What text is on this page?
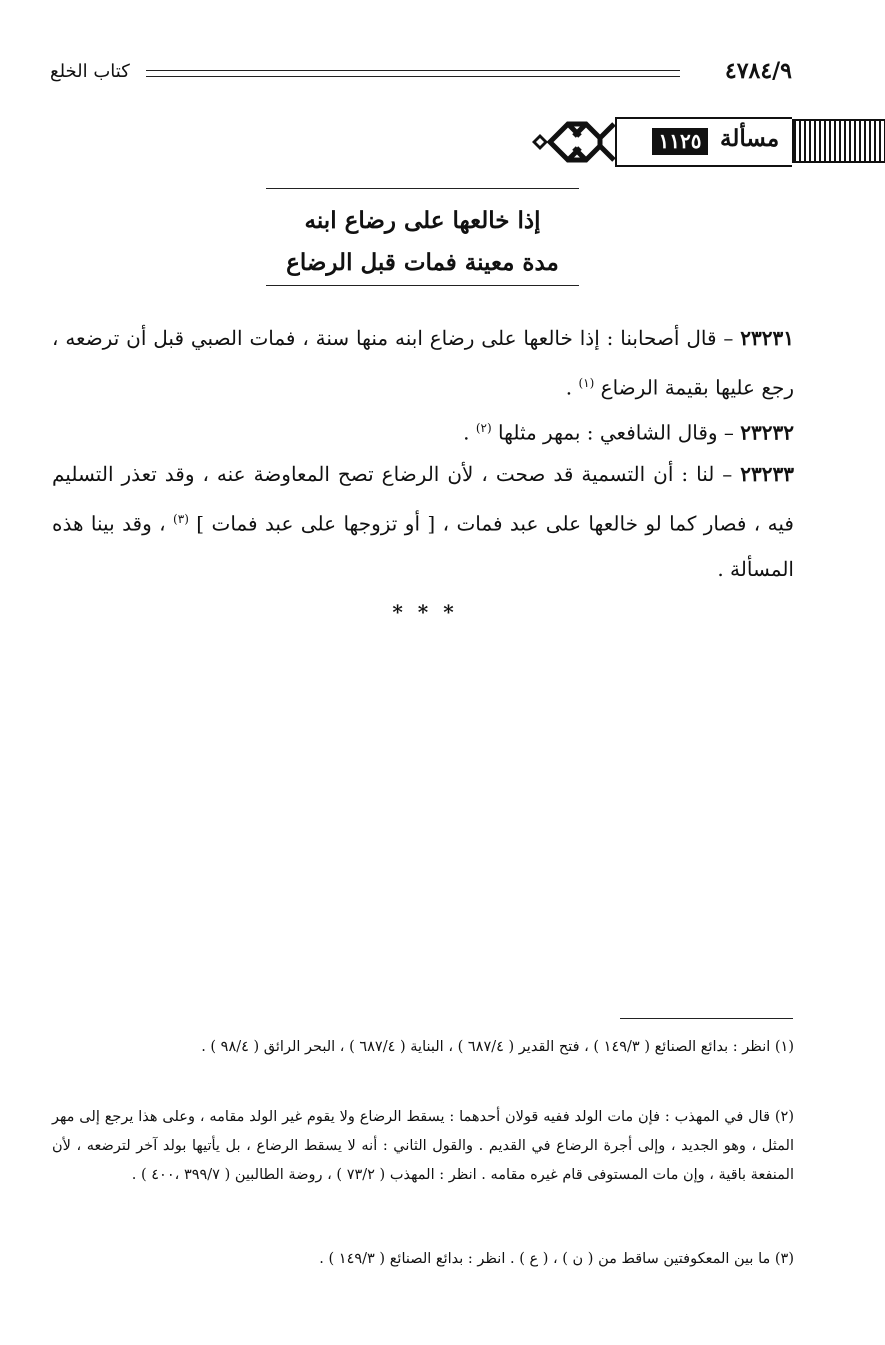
٤٧٨٤/٩
كتاب الخلع
مسألة
١١٢٥
إذا خالعها على رضاع ابنه
مدة معينة فمات قبل الرضاع

٢٣٢٣١ – قال أصحابنا : إذا خالعها على رضاع ابنه منها سنة ، فمات الصبي قبل أن ترضعه ، رجع عليها بقيمة الرضاع $^{(١)}$ .

٢٣٢٣٢ – وقال الشافعي : بمهر مثلها $^{(٢)}$ .

٢٣٢٣٣ – لنا : أن التسمية قد صحت ، لأن الرضاع تصح المعاوضة عنه ، وقد تعذر التسليم فيه ، فصار كما لو خالعها على عبد فمات ، [ أو تزوجها على عبد فمات ] $^{(٣)}$ ، وقد بينا هذه المسألة .

* * *

(١) انظر : بدائع الصنائع ( ١٤٩/٣ ) ، فتح القدير ( ٦٨٧/٤ ) ، البناية ( ٦٨٧/٤ ) ، البحر الرائق ( ٩٨/٤ ) .

(٢) قال في المهذب : فإن مات الولد ففيه قولان أحدهما : يسقط الرضاع ولا يقوم غير الولد مقامه ، وعلى هذا يرجع إلى مهر المثل ، وهو الجديد ، وإلى أجرة الرضاع في القديم . والقول الثاني : أنه لا يسقط الرضاع ، بل يأتيها بولد آخر لترضعه ، لأن المنفعة باقية ، وإن مات المستوفى قام غيره مقامه . انظر : المهذب ( ٧٣/٢ ) ، روضة الطالبين ( ٣٩٩/٧ ،٤٠٠ ) .

(٣) ما بين المعكوفتين ساقط من ( ن ) ، ( ع ) . انظر : بدائع الصنائع ( ١٤٩/٣ ) .
